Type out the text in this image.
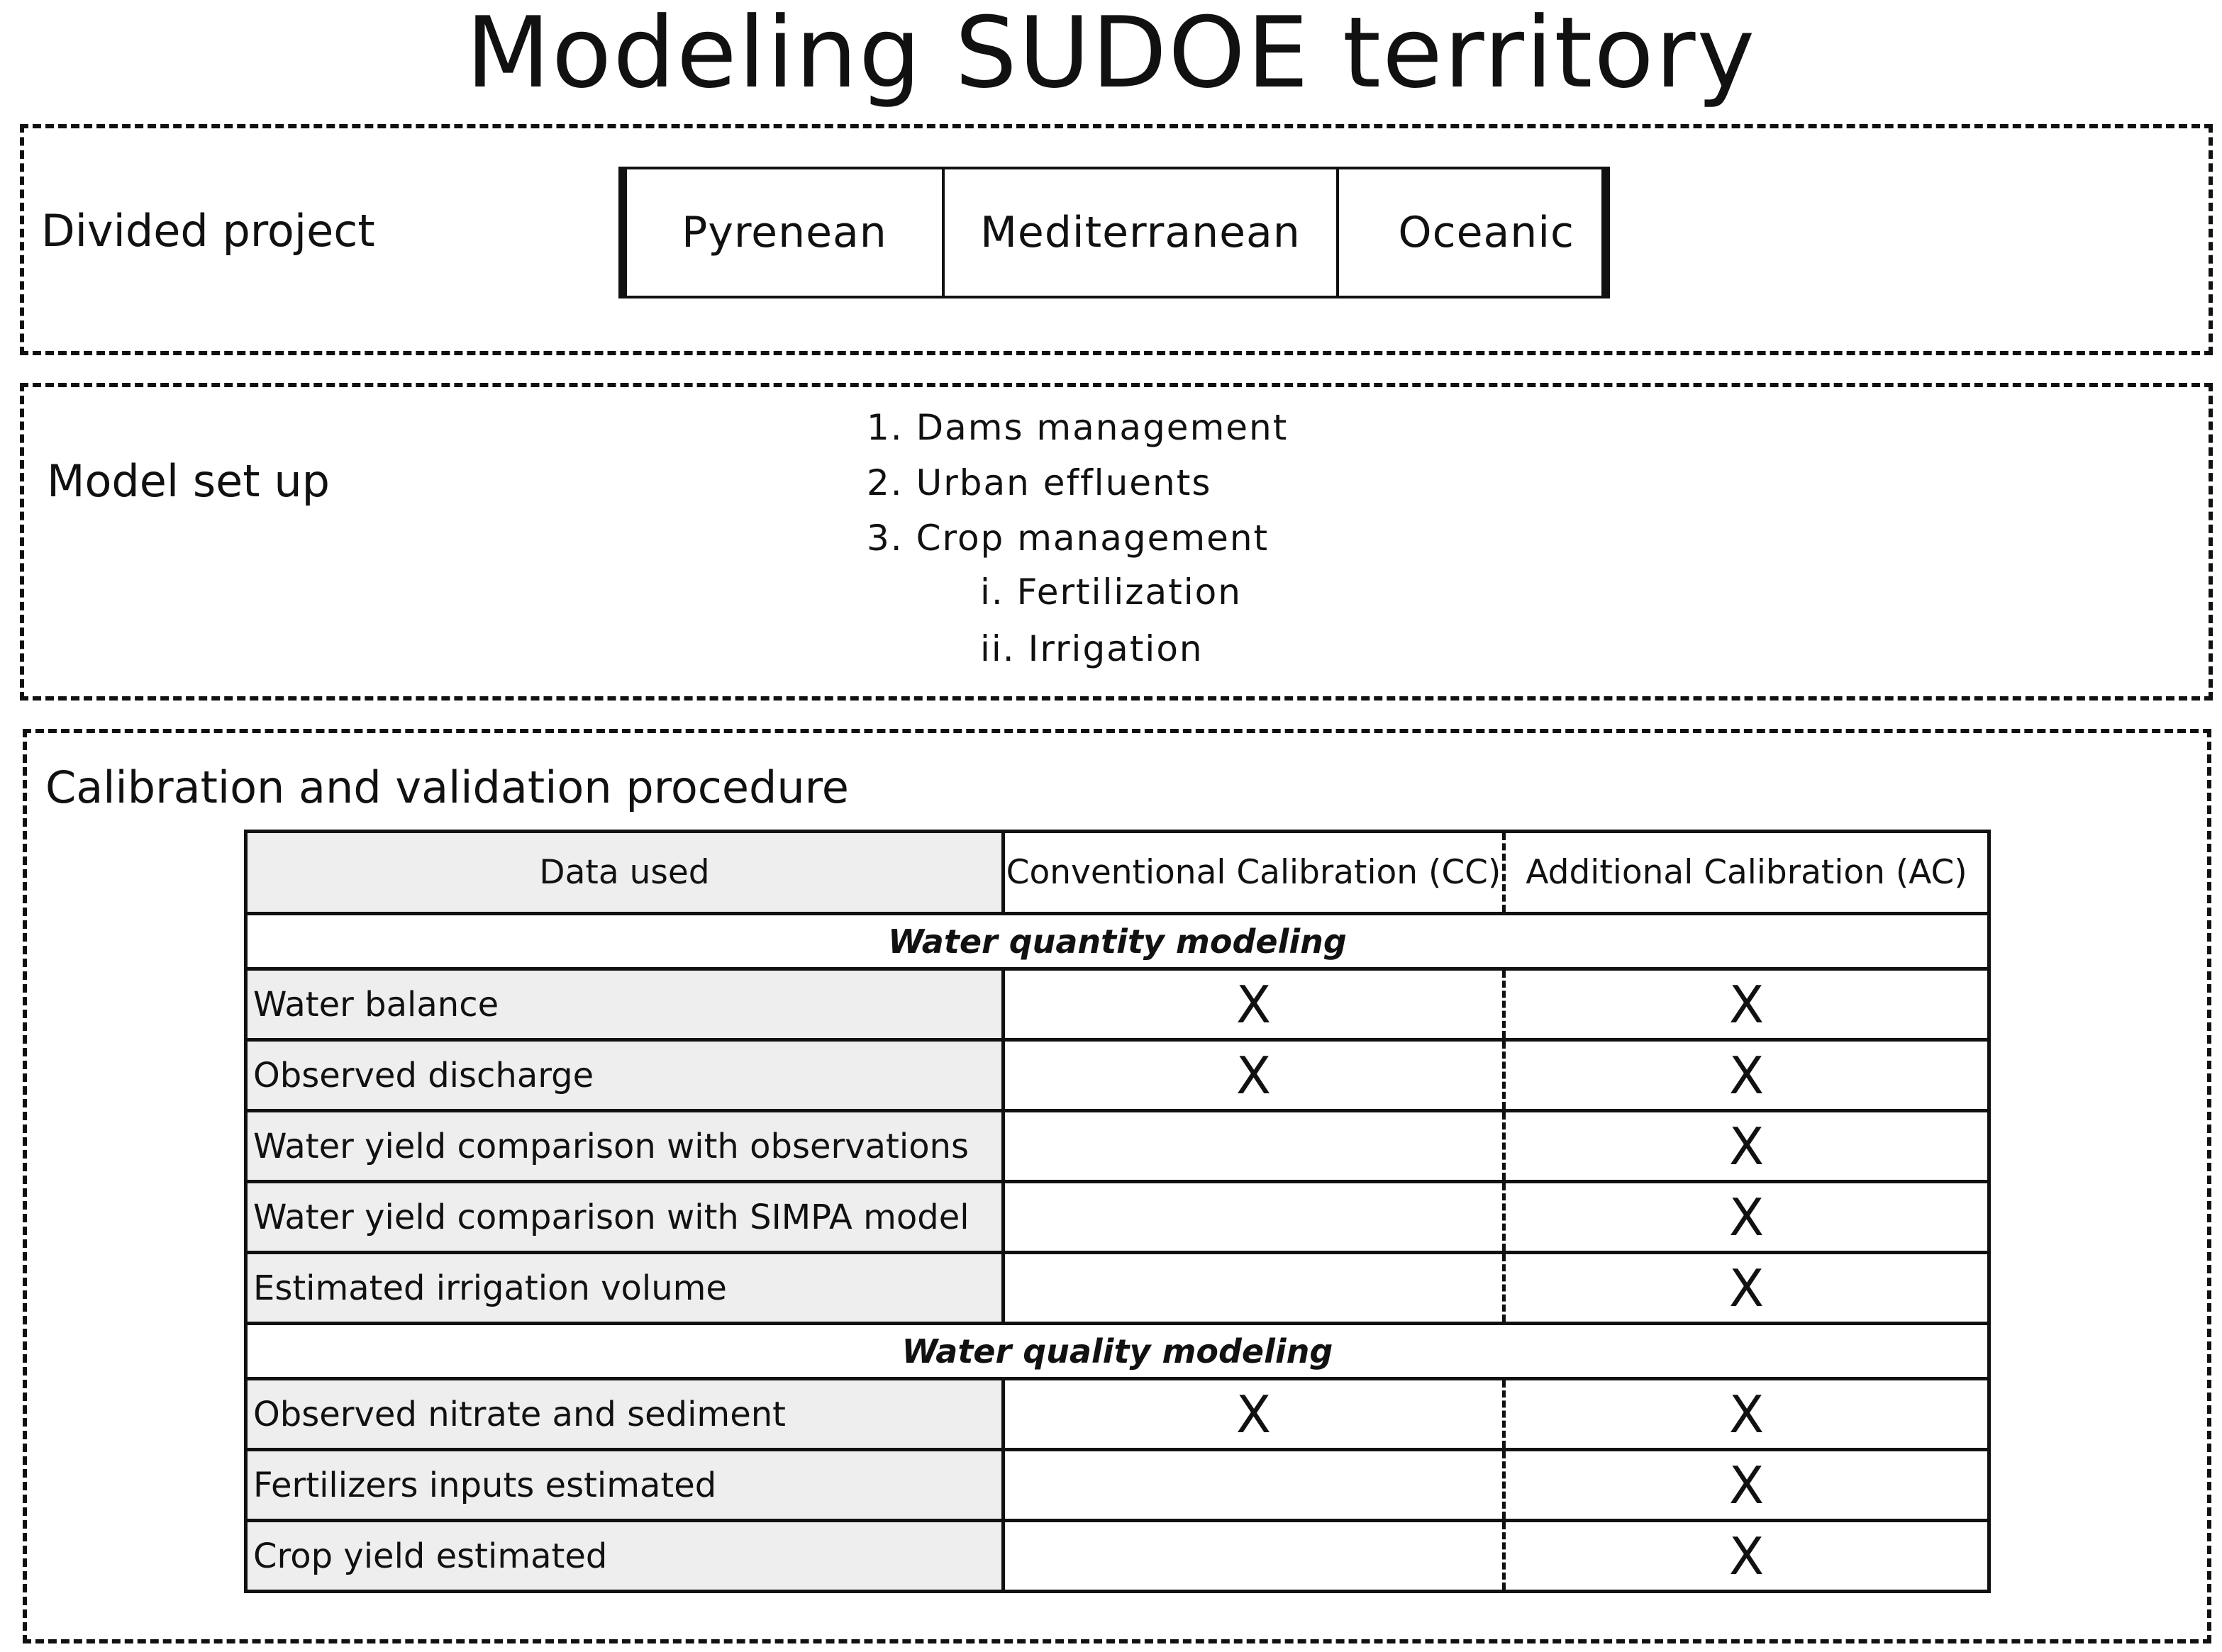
Modeling SUDOE territory
Divided project	Pyrenean	Mediterranean	Oceanic
Model set up
1. Dams management
2. Urban effluents
3. Crop management
i. Fertilization
ii. Irrigation
Calibration and validation procedure
Data used	Conventional Calibration (CC)	Additional Calibration (AC)
Water quantity modeling		
Water balance	X	X
Observed discharge	X	X
Water yield comparison with observations		X
Water yield comparison with SIMPA model		X
Estimated irrigation volume		X
Water quality modeling		
Observed nitrate and sediment	X	X
Fertilizers inputs estimated		X
Crop yield estimated		X
